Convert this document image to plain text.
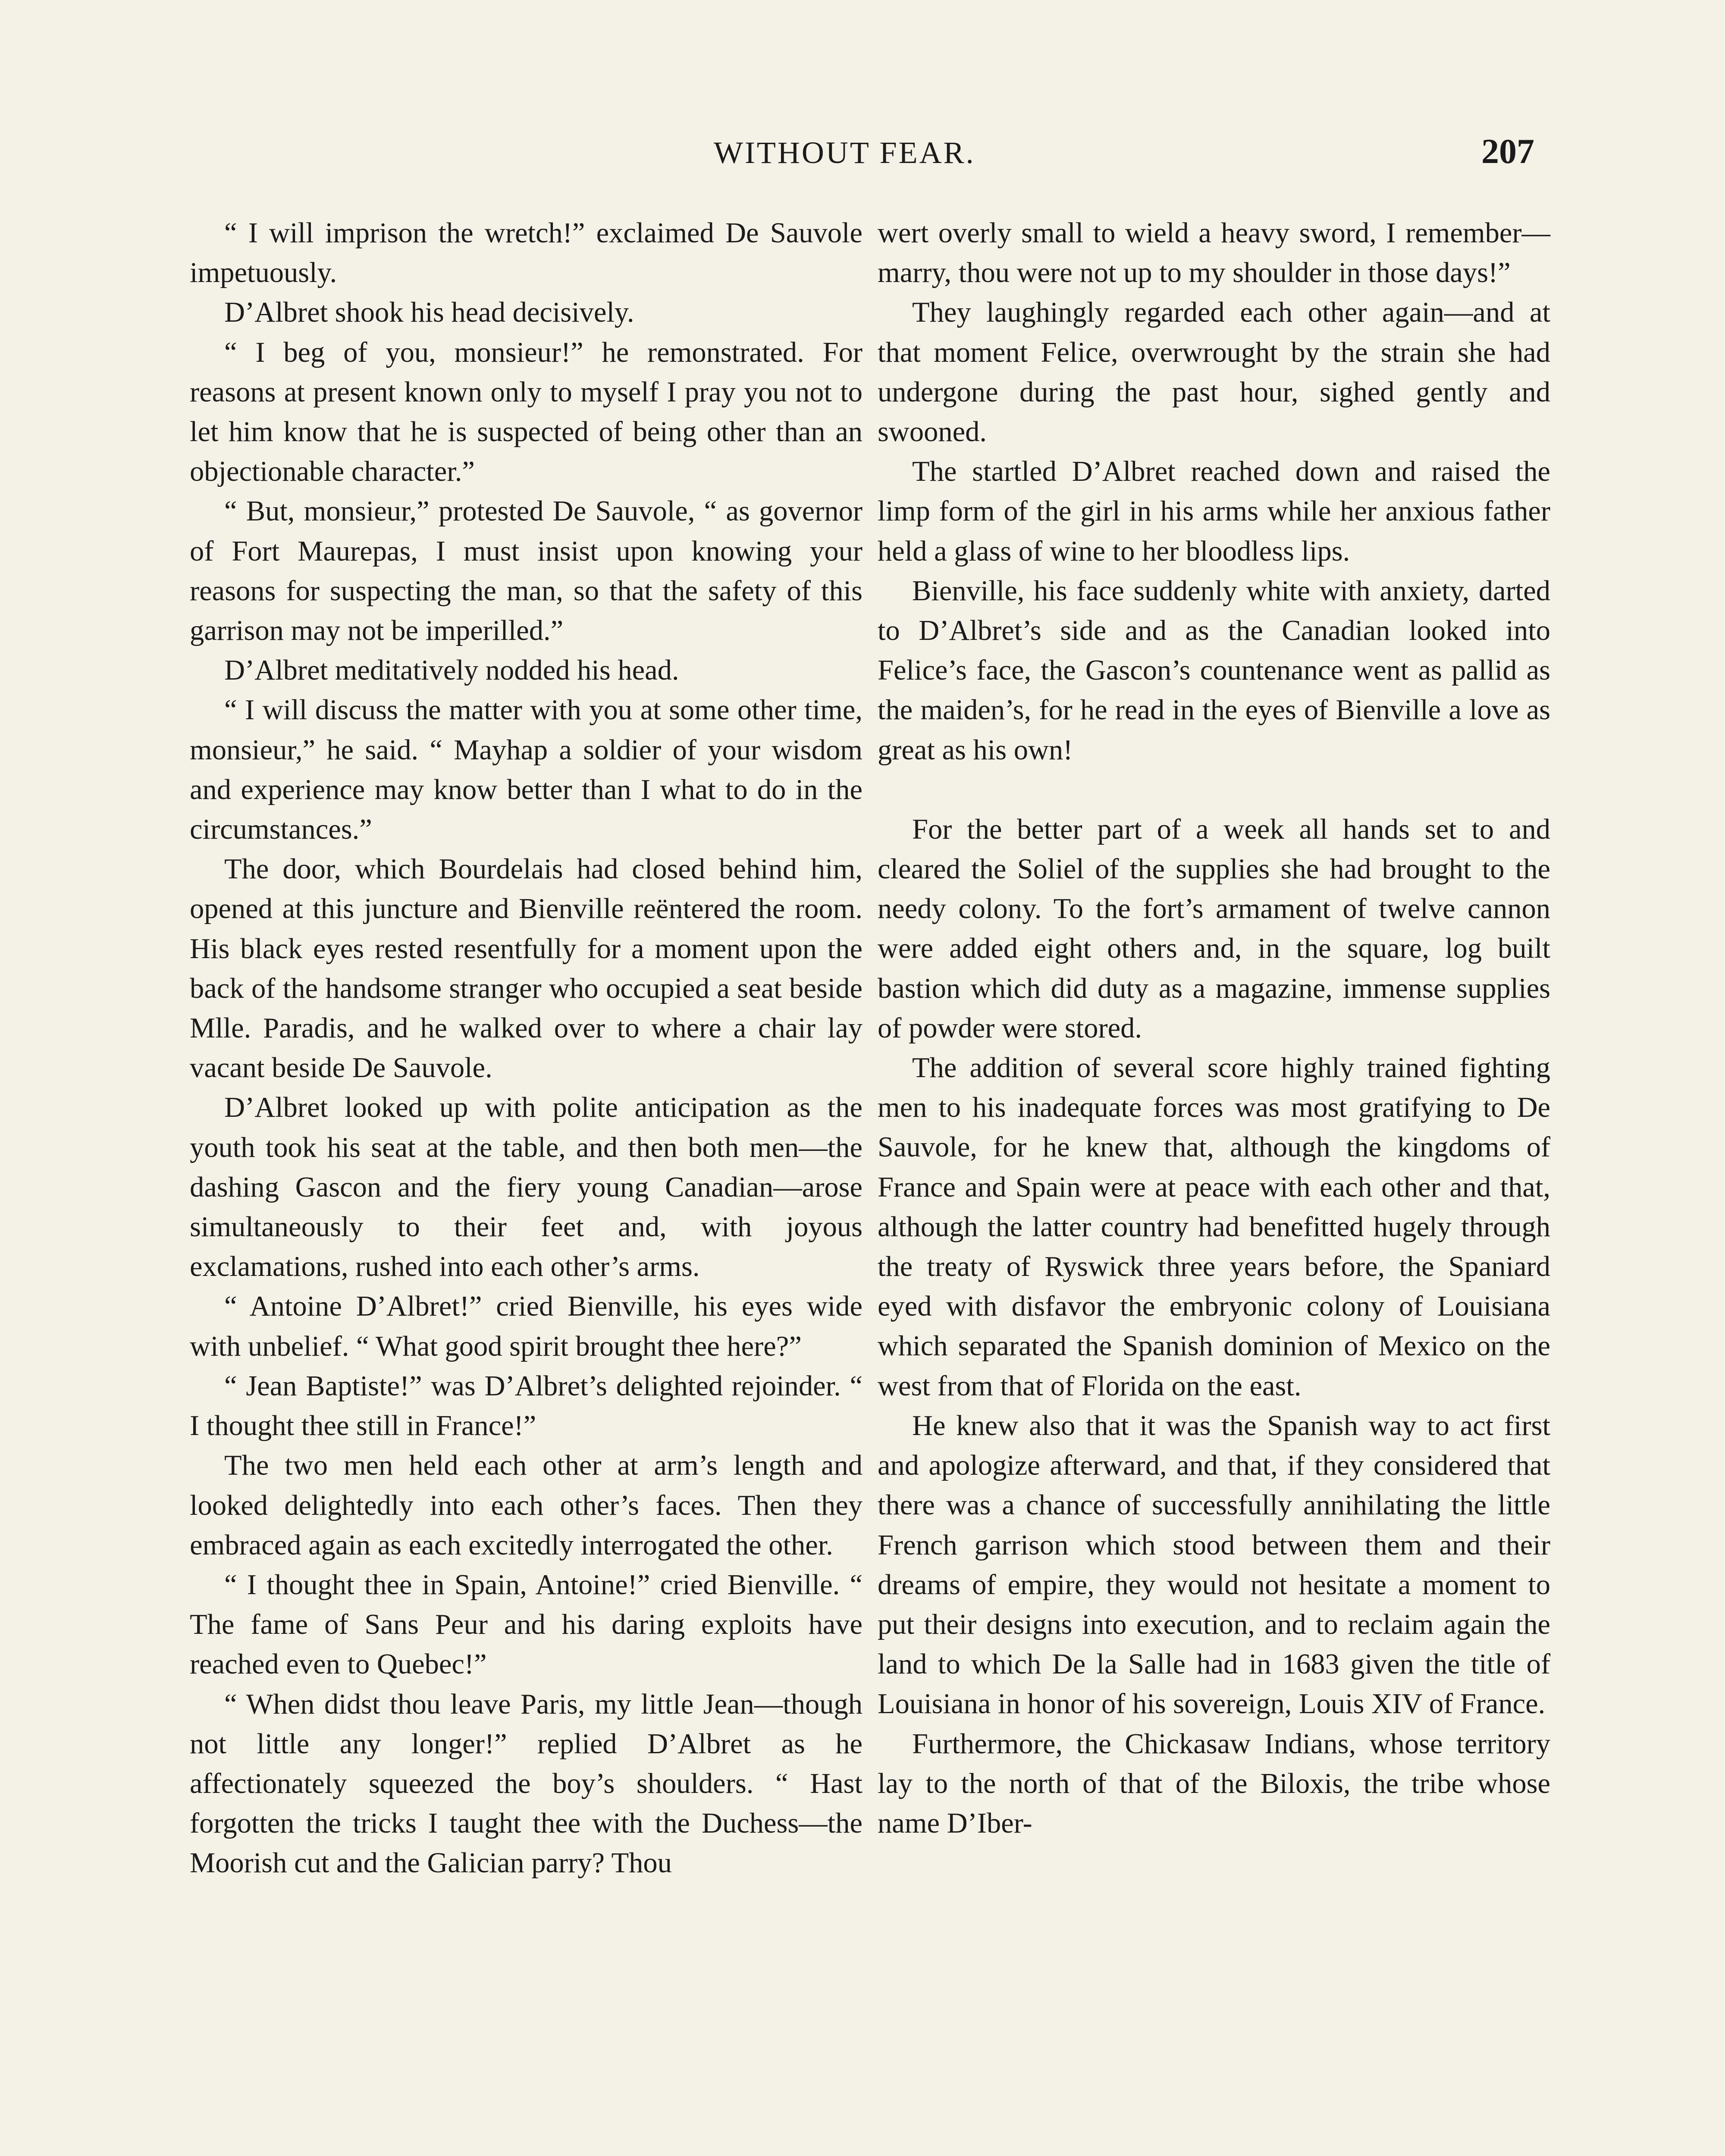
WITHOUT FEAR.	207

“ I will imprison the wretch!” exclaimed De Sauvole impetuously.

D’Albret shook his head decisively.

“ I beg of you, monsieur!” he remonstrated. For reasons at present known only to myself I pray you not to let him know that he is suspected of being other than an objectionable character.”

“ But, monsieur,” protested De Sauvole, “ as governor of Fort Maurepas, I must insist upon knowing your reasons for suspecting the man, so that the safety of this garrison may not be imperilled.”

D’Albret meditatively nodded his head.

“ I will discuss the matter with you at some other time, monsieur,” he said. “ Mayhap a soldier of your wisdom and experience may know better than I what to do in the circumstances.”

The door, which Bourdelais had closed behind him, opened at this juncture and Bienville reëntered the room. His black eyes rested resentfully for a moment upon the back of the handsome stranger who occupied a seat beside Mlle. Paradis, and he walked over to where a chair lay vacant beside De Sauvole.

D’Albret looked up with polite anticipation as the youth took his seat at the table, and then both men—the dashing Gascon and the fiery young Canadian—arose simultaneously to their feet and, with joyous exclamations, rushed into each other’s arms.

“ Antoine D’Albret!” cried Bienville, his eyes wide with unbelief. “ What good spirit brought thee here?”

“ Jean Baptiste!” was D’Albret’s delighted rejoinder. “ I thought thee still in France!”

The two men held each other at arm’s length and looked delightedly into each other’s faces. Then they embraced again as each excitedly interrogated the other.

“ I thought thee in Spain, Antoine!” cried Bienville. “ The fame of Sans Peur and his daring exploits have reached even to Quebec!”

“ When didst thou leave Paris, my little Jean—though not little any longer!” replied D’Albret as he affectionately squeezed the boy’s shoulders. “ Hast forgotten the tricks I taught thee with the Duchess—the Moorish cut and the Galician parry? Thou

wert overly small to wield a heavy sword, I remember—marry, thou were not up to my shoulder in those days!”

They laughingly regarded each other again—and at that moment Felice, overwrought by the strain she had undergone during the past hour, sighed gently and swooned.

The startled D’Albret reached down and raised the limp form of the girl in his arms while her anxious father held a glass of wine to her bloodless lips.

Bienville, his face suddenly white with anxiety, darted to D’Albret’s side and as the Canadian looked into Felice’s face, the Gascon’s countenance went as pallid as the maiden’s, for he read in the eyes of Bienville a love as great as his own!

For the better part of a week all hands set to and cleared the Soliel of the supplies she had brought to the needy colony. To the fort’s armament of twelve cannon were added eight others and, in the square, log built bastion which did duty as a magazine, immense supplies of powder were stored.

The addition of several score highly trained fighting men to his inadequate forces was most gratifying to De Sauvole, for he knew that, although the kingdoms of France and Spain were at peace with each other and that, although the latter country had benefitted hugely through the treaty of Ryswick three years before, the Spaniard eyed with disfavor the embryonic colony of Louisiana which separated the Spanish dominion of Mexico on the west from that of Florida on the east.

He knew also that it was the Spanish way to act first and apologize afterward, and that, if they considered that there was a chance of successfully annihilating the little French garrison which stood between them and their dreams of empire, they would not hesitate a moment to put their designs into execution, and to reclaim again the land to which De la Salle had in 1683 given the title of Louisiana in honor of his sovereign, Louis XIV of France.

Furthermore, the Chickasaw Indians, whose territory lay to the north of that of the Biloxis, the tribe whose name D’Iber-
